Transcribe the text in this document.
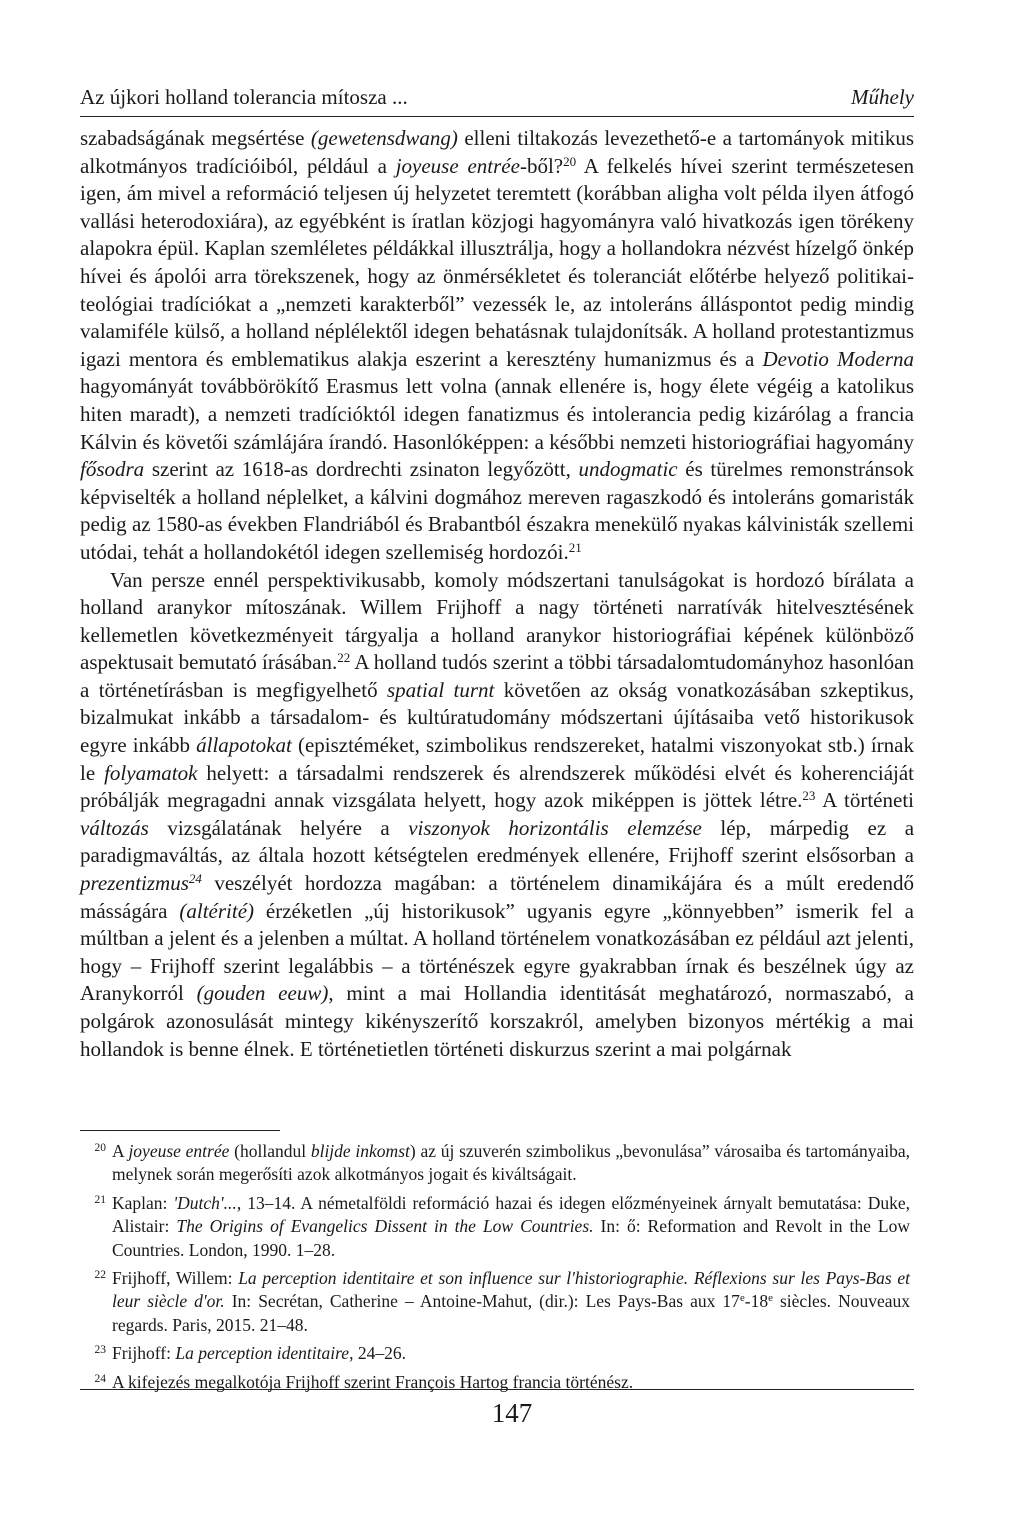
Az újkori holland tolerancia mítosza ...	Műhely

szabadságának megsértése (gewetensdwang) elleni tiltakozás levezethető-e a tartományok mitikus alkotmányos tradícióiból, például a joyeuse entrée-ből?$^{20}$ A felkelés hívei szerint természetesen igen, ám mivel a reformáció teljesen új helyzetet teremtett (korábban aligha volt példa ilyen átfogó vallási heterodoxiára), az egyébként is íratlan közjogi hagyományra való hivatkozás igen törékeny alapokra épül. Kaplan szemléletes példákkal illusztrálja, hogy a hollandokra nézvést hízelgő önkép hívei és ápolói arra törekszenek, hogy az önmérsékletet és toleranciát előtérbe helyező politikai-teológiai tradíciókat a „nemzeti karakterből” vezessék le, az intoleráns álláspontot pedig mindig valamiféle külső, a holland néplélektől idegen behatásnak tulajdonítsák. A holland protestantizmus igazi mentora és emblematikus alakja eszerint a keresztény humanizmus és a Devotio Moderna hagyományát továbbörökítő Erasmus lett volna (annak ellenére is, hogy élete végéig a katolikus hiten maradt), a nemzeti tradícióktól idegen fanatizmus és intolerancia pedig kizárólag a francia Kálvin és követői számlájára írandó. Hasonlóképpen: a későbbi nemzeti historiográfiai hagyomány fősodra szerint az 1618-as dordrechti zsinaton legyőzött, undogmatic és türelmes remonstránsok képviselték a holland néplelket, a kálvini dogmához mereven ragaszkodó és intoleráns gomaristák pedig az 1580-as években Flandriából és Brabantból északra menekülő nyakas kálvinisták szellemi utódai, tehát a hollandokétól idegen szellemiség hordozói.$^{21}$

Van persze ennél perspektivikusabb, komoly módszertani tanulságokat is hordozó bírálata a holland aranykor mítoszának. Willem Frijhoff a nagy történeti narratívák hitelvesztésének kellemetlen következményeit tárgyalja a holland aranykor historiográfiai képének különböző aspektusait bemutató írásában.$^{22}$ A holland tudós szerint a többi társadalomtudományhoz hasonlóan a történetírásban is megfigyelhető spatial turnt követően az okság vonatkozásában szkeptikus, bizalmukat inkább a társadalom- és kultúratudomány módszertani újításaiba vető historikusok egyre inkább állapotokat (episztéméket, szimbolikus rendszereket, hatalmi viszonyokat stb.) írnak le folyamatok helyett: a társadalmi rendszerek és alrendszerek működési elvét és koherenciáját próbálják megragadni annak vizsgálata helyett, hogy azok miképpen is jöttek létre.$^{23}$ A történeti változás vizsgálatának helyére a viszonyok horizontális elemzése lép, márpedig ez a paradigmaváltás, az általa hozott kétségtelen eredmények ellenére, Frijhoff szerint elsősorban a prezentizmus$^{24}$ veszélyét hordozza magában: a történelem dinamikájára és a múlt eredendő másságára (altérité) érzéketlen „új historikusok” ugyanis egyre „könnyebben” ismerik fel a múltban a jelent és a jelenben a múltat. A holland történelem vonatkozásában ez például azt jelenti, hogy – Frijhoff szerint legalábbis – a történészek egyre gyakrabban írnak és beszélnek úgy az Aranykorról (gouden eeuw), mint a mai Hollandia identitását meghatározó, normaszabó, a polgárok azonosulását mintegy kikényszerítő korszakról, amelyben bizonyos mértékig a mai hollandok is benne élnek. E történetietlen történeti diskurzus szerint a mai polgárnak

20 A joyeuse entrée (hollandul blijde inkomst) az új szuverén szimbolikus „bevonulása” városaiba és tartományaiba, melynek során megerősíti azok alkotmányos jogait és kiváltságait.
21 Kaplan: 'Dutch'..., 13–14. A németalföldi reformáció hazai és idegen előzményeinek árnyalt bemutatása: Duke, Alistair: The Origins of Evangelics Dissent in the Low Countries. In: ő: Reformation and Revolt in the Low Countries. London, 1990. 1–28.
22 Frijhoff, Willem: La perception identitaire et son influence sur l'historiographie. Réflexions sur les Pays-Bas et leur siècle d'or. In: Secrétan, Catherine – Antoine-Mahut, (dir.): Les Pays-Bas aux 17e-18e siècles. Nouveaux regards. Paris, 2015. 21–48.
23 Frijhoff: La perception identitaire, 24–26.
24 A kifejezés megalkotója Frijhoff szerint François Hartog francia történész.
147
